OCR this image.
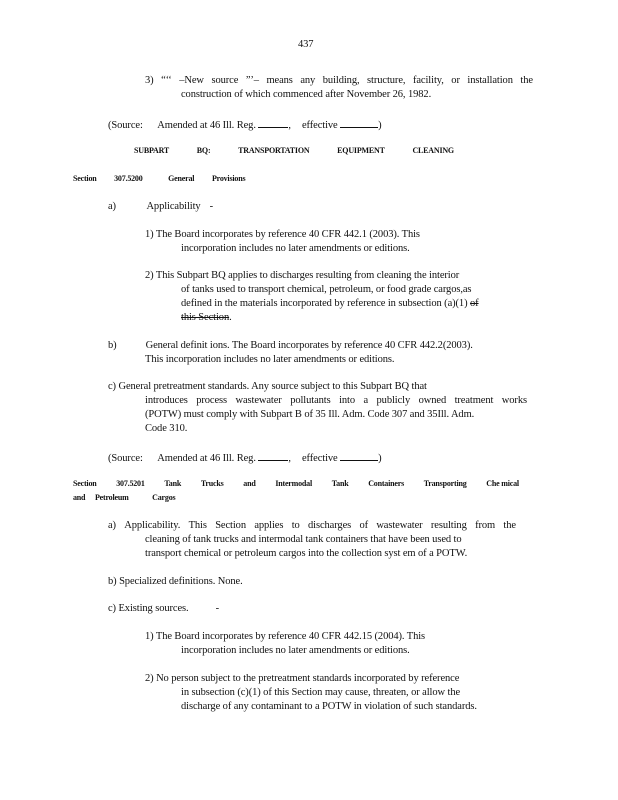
437
3) “‘‘ –New source ”’– means any building, structure, facility, or installation the
construction of which commenced after November 26, 1982.
(Source: Amended at 46 Ill. Reg.	, effective	)
SUBPART	BQ:	TRANSPORTATION	EQUIPMENT	CLEANING
Section 307.5200	General Provisions
a)	Applicability -
1) The Board incorporates by reference 40 CFR 442.1 (2003). This
incorporation includes no later amendments or editions.
2) This Subpart BQ applies to discharges resulting from cleaning the interior
of tanks used to transport chemical, petroleum, or food grade cargos,as
defined in the materials incorporated by reference in subsection (a)(1) of
this Section.
b)	General definit ions. The Board incorporates by reference 40 CFR 442.2(2003).
This incorporation includes no later amendments or editions.
c) General pretreatment standards. Any source subject to this Subpart BQ that
introduces process wastewater pollutants into a publicly owned treatment works
(POTW) must comply with Subpart B of 35 Ill. Adm. Code 307 and 35Ill. Adm.
Code 310.
(Source: Amended at 46 Ill. Reg.	, effective	)
Section 307.5201 Tank Trucks and Intermodal Tank Containers Transporting Che mical
and Petroleum	Cargos
a) Applicability. This Section applies to discharges of wastewater resulting from the
cleaning of tank trucks and intermodal tank containers that have been used to
transport chemical or petroleum cargos into the collection syst em of a POTW.
b) Specialized definitions. None.
c) Existing sources.	-
1) The Board incorporates by reference 40 CFR 442.15 (2004). This
incorporation includes no later amendments or editions.
2) No person subject to the pretreatment standards incorporated by reference
in subsection (c)(1) of this Section may cause, threaten, or allow the
discharge of any contaminant to a POTW in violation of such standards.
